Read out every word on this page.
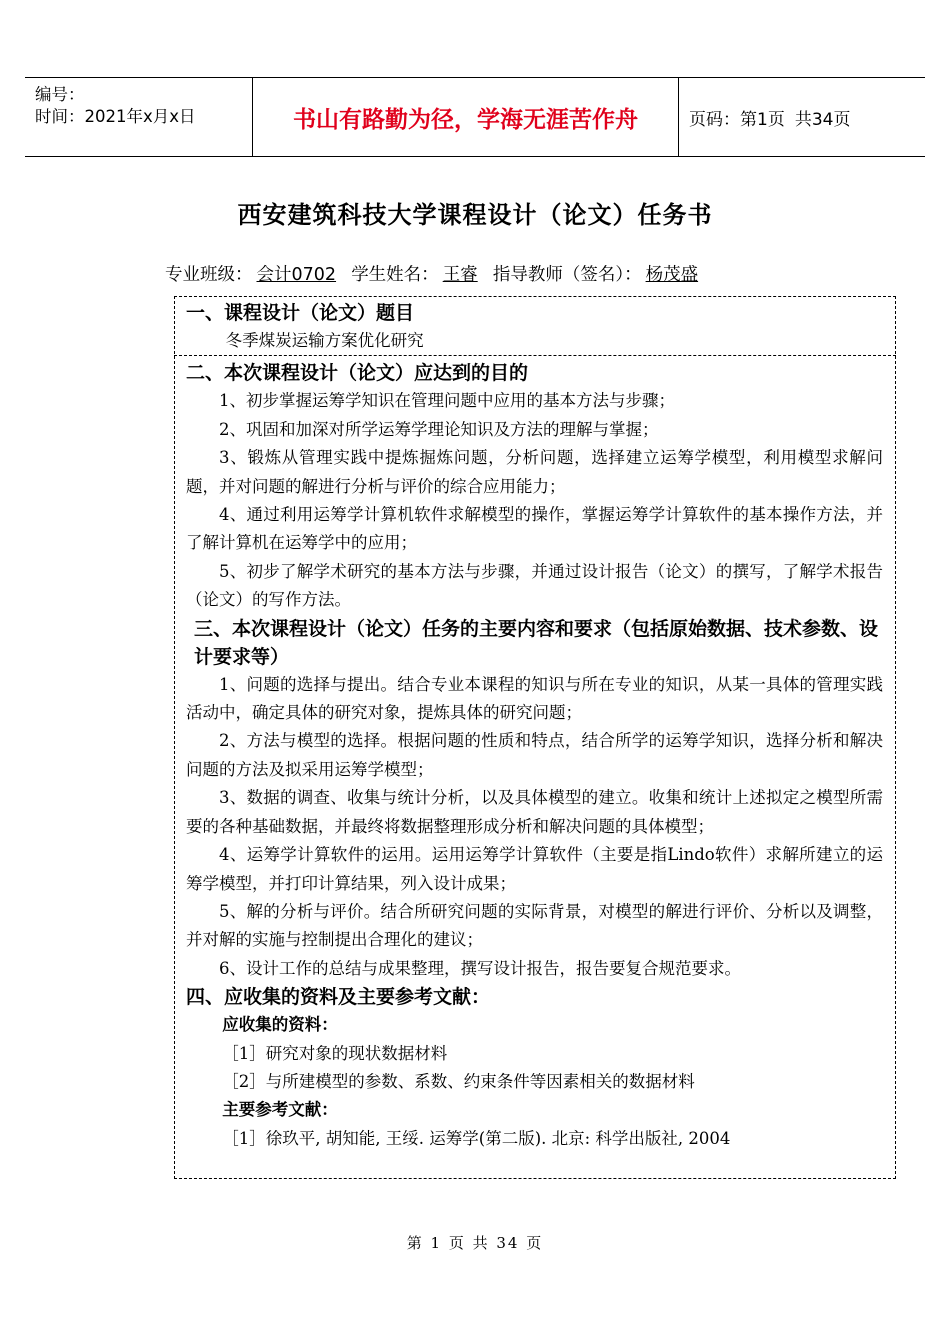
编号：
时间：2021年x月x日	书山有路勤为径，学海无涯苦作舟	页码：第1页 共34页
西安建筑科技大学课程设计（论文）任务书
专业班级： 会计0702 学生姓名： 王睿 指导教师（签名）： 杨茂盛
一、课程设计（论文）题目
冬季煤炭运输方案优化研究
二、本次课程设计（论文）应达到的目的
1、初步掌握运筹学知识在管理问题中应用的基本方法与步骤；
2、巩固和加深对所学运筹学理论知识及方法的理解与掌握；
3、锻炼从管理实践中提炼掘炼问题，分析问题，选择建立运筹学模型，利用模型求解问题，并对问题的解进行分析与评价的综合应用能力；
4、通过利用运筹学计算机软件求解模型的操作，掌握运筹学计算软件的基本操作方法，并了解计算机在运筹学中的应用；
5、初步了解学术研究的基本方法与步骤，并通过设计报告（论文）的撰写，了解学术报告（论文）的写作方法。
三、本次课程设计（论文）任务的主要内容和要求（包括原始数据、技术参数、设计要求等）
1、问题的选择与提出。结合专业本课程的知识与所在专业的知识，从某一具体的管理实践活动中，确定具体的研究对象，提炼具体的研究问题；
2、方法与模型的选择。根据问题的性质和特点，结合所学的运筹学知识，选择分析和解决问题的方法及拟采用运筹学模型；
3、数据的调查、收集与统计分析，以及具体模型的建立。收集和统计上述拟定之模型所需要的各种基础数据，并最终将数据整理形成分析和解决问题的具体模型；
4、运筹学计算软件的运用。运用运筹学计算软件（主要是指Lindo软件）求解所建立的运筹学模型，并打印计算结果，列入设计成果；
5、解的分析与评价。结合所研究问题的实际背景，对模型的解进行评价、分析以及调整，并对解的实施与控制提出合理化的建议；
6、设计工作的总结与成果整理，撰写设计报告，报告要复合规范要求。
四、应收集的资料及主要参考文献：
应收集的资料：
［1］研究对象的现状数据材料
［2］与所建模型的参数、系数、约束条件等因素相关的数据材料
主要参考文献：
［1］徐玖平, 胡知能, 王绥. 运筹学(第二版). 北京: 科学出版社, 2004
第 1 页 共 34 页
